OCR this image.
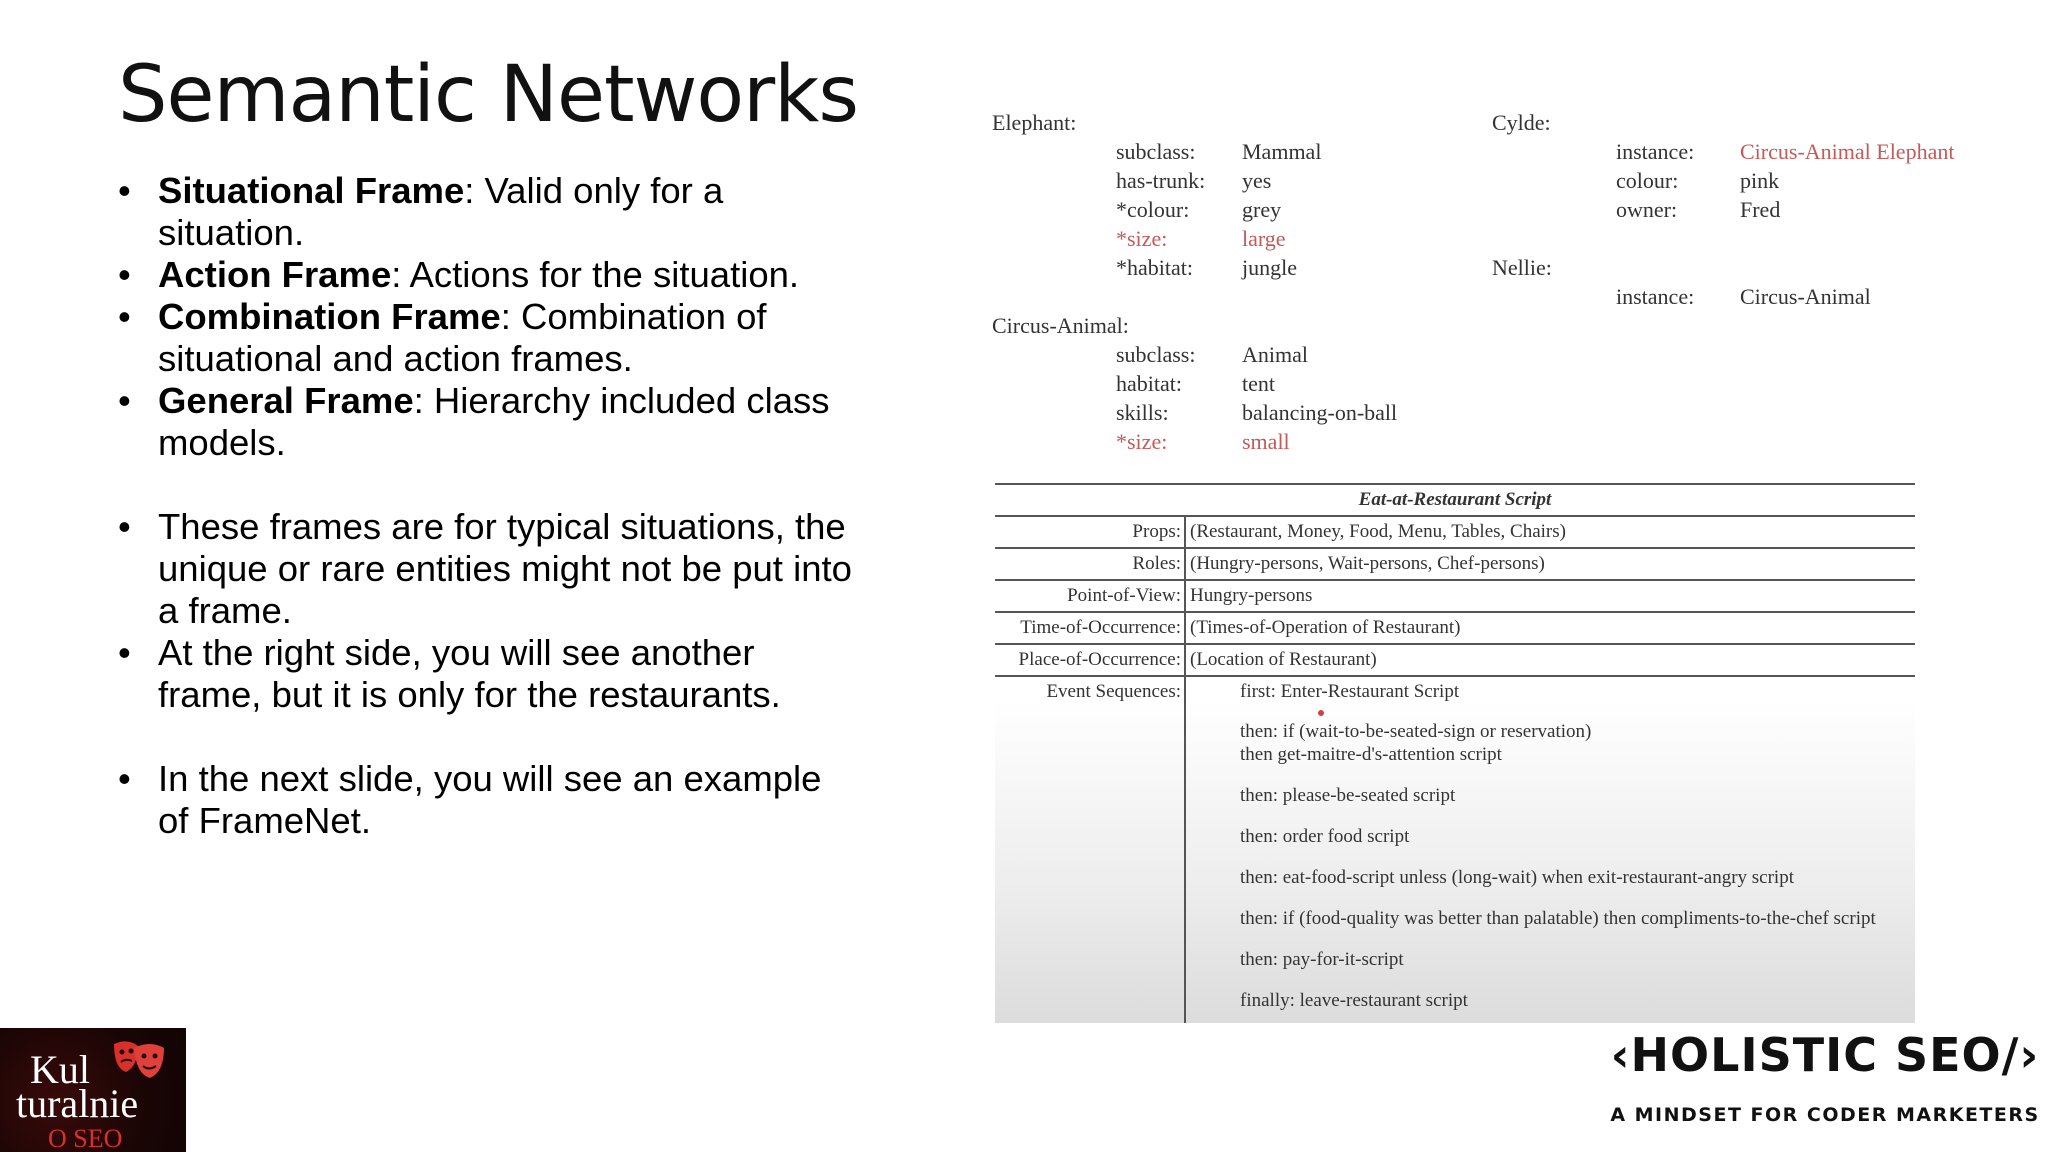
Semantic Networks
• Situational Frame: Valid only for a situation.
• Action Frame: Actions for the situation.
• Combination Frame: Combination of situational and action frames.
• General Frame: Hierarchy included class models.
• These frames are for typical situations, the unique or rare entities might not be put into a frame.
• At the right side, you will see another frame, but it is only for the restaurants.
• In the next slide, you will see an example of FrameNet.
Elephant:
subclass: Mammal
has-trunk: yes
*colour: grey
*size:	large
*habitat: jungle
Circus-Animal:
subclass: Animal
habitat:	tent
skills:	balancing-on-ball
*size:	small
Cylde:
instance: Circus-Animal Elephant
colour:	pink
owner:	Fred
Nellie:
instance: Circus-Animal
Eat-at-Restaurant Script
Props: (Restaurant, Money, Food, Menu, Tables, Chairs)
Roles: (Hungry-persons, Wait-persons, Chef-persons)
Point-of-View: Hungry-persons
Time-of-Occurrence: (Times-of-Operation of Restaurant)
Place-of-Occurrence: (Location of Restaurant)
Event Sequences:	first: Enter-Restaurant Script
then: if (wait-to-be-seated-sign or reservation)
then get-maitre-d's-attention script
then: please-be-seated script
then: order food script
then: eat-food-script unless (long-wait) when exit-restaurant-angry script
then: if (food-quality was better than palatable) then compliments-to-the-chef script
then: pay-for-it-script
finally: leave-restaurant script
Kul
turalnie
O SEO
‹HOLISTIC SEO/›
A MINDSET FOR CODER MARKETERS
